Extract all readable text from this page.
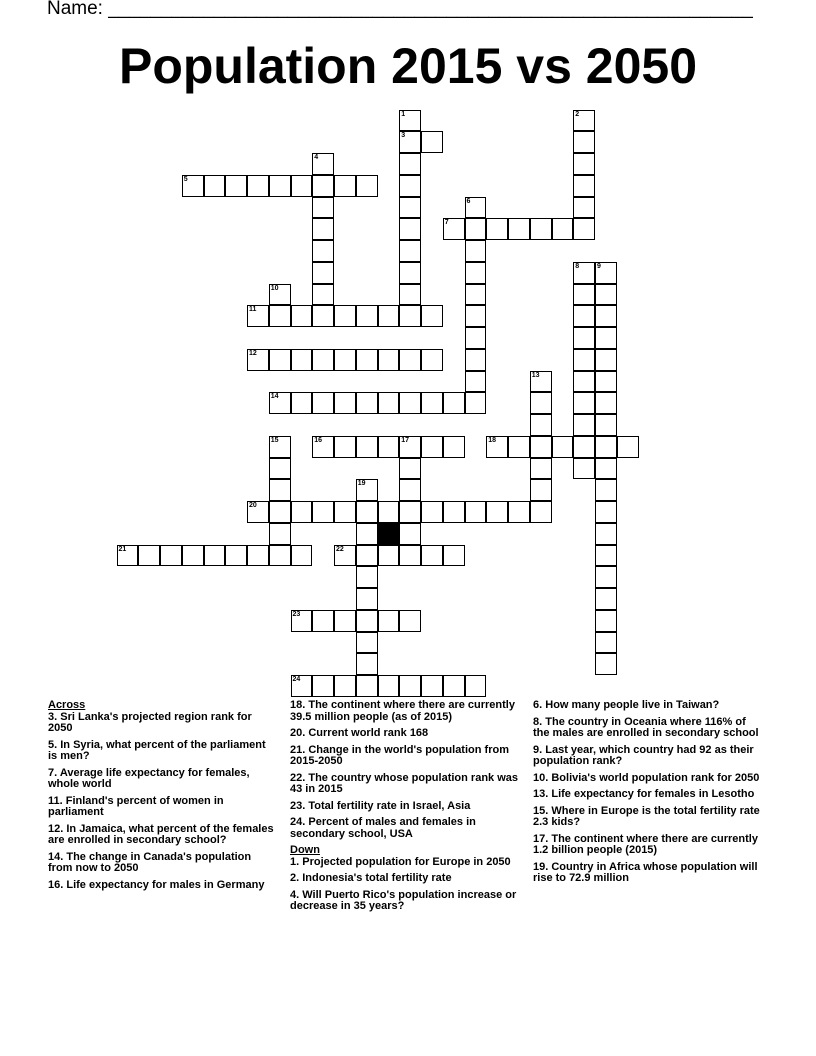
Name: _____________________________________________________________
Population 2015 vs 2050
1
3
2
4
5
6
7
8	9
10
11
12
13
14
15	16	17	18
19
20
21	22
23
24
Across
3. Sri Lanka's projected region rank for 2050
5. In Syria, what percent of the parliament is men?
7. Average life expectancy for females, whole world
11. Finland's percent of women in parliament
12. In Jamaica, what percent of the females are enrolled in secondary school?
14. The change in Canada's population from now to 2050
16. Life expectancy for males in Germany
18. The continent where there are currently 39.5 million people (as of 2015)
20. Current world rank 168
21. Change in the world's population from 2015-2050
22. The country whose population rank was 43 in 2015
23. Total fertility rate in Israel, Asia
24. Percent of males and females in secondary school, USA
Down
1. Projected population for Europe in 2050
2. Indonesia's total fertility rate
4. Will Puerto Rico's population increase or decrease in 35 years?
6. How many people live in Taiwan?
8. The country in Oceania where 116% of the males are enrolled in secondary school
9. Last year, which country had 92 as their population rank?
10. Bolivia's world population rank for 2050
13. Life expectancy for females in Lesotho
15. Where in Europe is the total fertility rate 2.3 kids?
17. The continent where there are currently 1.2 billion people (2015)
19. Country in Africa whose population will rise to 72.9 million
